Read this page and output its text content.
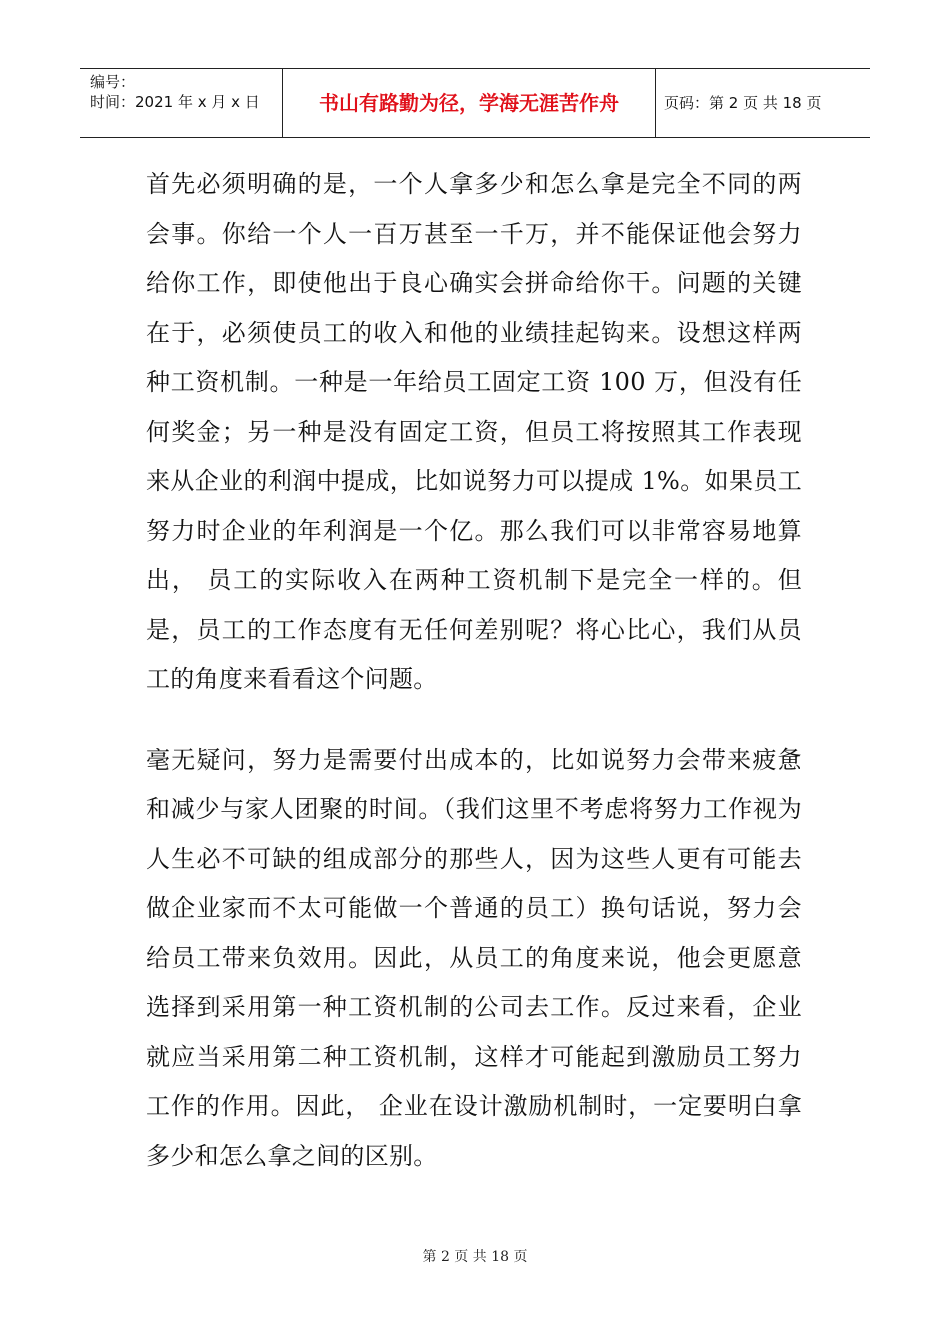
编号：
时间：2021 年 x 月 x 日	书山有路勤为径，学海无涯苦作舟	页码：第 2 页 共 18 页

首先必须明确的是，一个人拿多少和怎么拿是完全不同的两会事。你给一个人一百万甚至一千万，并不能保证他会努力给你工作，即使他出于良心确实会拼命给你干。问题的关键在于，必须使员工的收入和他的业绩挂起钩来。设想这样两种工资机制。一种是一年给员工固定工资 100 万，但没有任何奖金；另一种是没有固定工资，但员工将按照其工作表现来从企业的利润中提成，比如说努力可以提成 1%。如果员工努力时企业的年利润是一个亿。那么我们可以非常容易地算出， 员工的实际收入在两种工资机制下是完全一样的。但是，员工的工作态度有无任何差别呢？将心比心，我们从员工的角度来看看这个问题。

毫无疑问，努力是需要付出成本的，比如说努力会带来疲惫和减少与家人团聚的时间。（我们这里不考虑将努力工作视为人生必不可缺的组成部分的那些人，因为这些人更有可能去做企业家而不太可能做一个普通的员工）换句话说，努力会给员工带来负效用。因此，从员工的角度来说，他会更愿意选择到采用第一种工资机制的公司去工作。反过来看，企业就应当采用第二种工资机制，这样才可能起到激励员工努力工作的作用。因此， 企业在设计激励机制时，一定要明白拿多少和怎么拿之间的区别。

第 2 页 共 18 页
